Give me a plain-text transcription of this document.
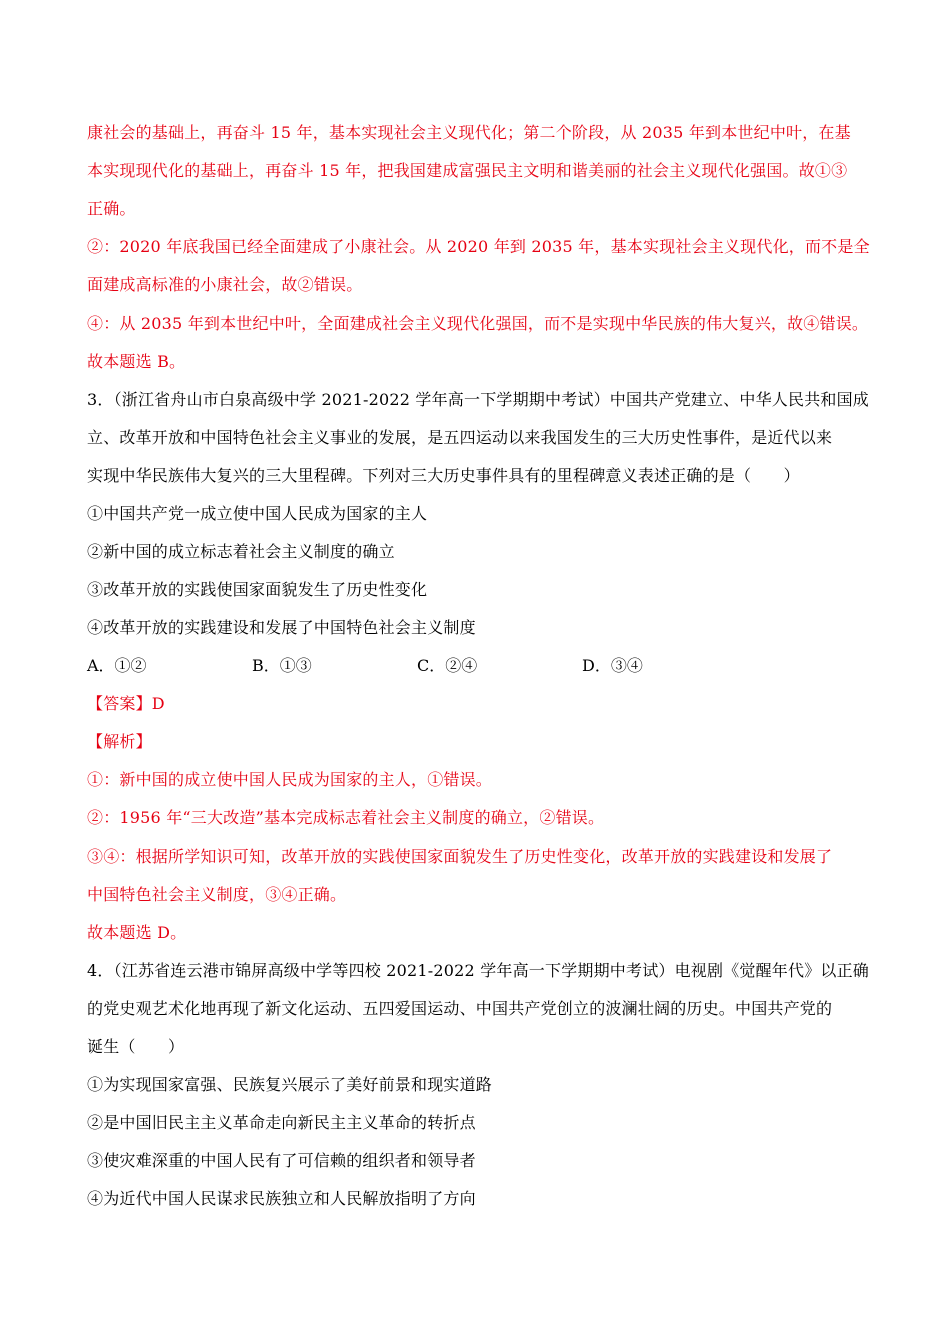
康社会的基础上，再奋斗 15 年，基本实现社会主义现代化；第二个阶段，从 2035 年到本世纪中叶，在基
本实现现代化的基础上，再奋斗 15 年，把我国建成富强民主文明和谐美丽的社会主义现代化强国。故①③
正确。
②：2020 年底我国已经全面建成了小康社会。从 2020 年到 2035 年，基本实现社会主义现代化，而不是全
面建成高标准的小康社会，故②错误。
④：从 2035 年到本世纪中叶，全面建成社会主义现代化强国，而不是实现中华民族的伟大复兴，故④错误。
故本题选 B。
3．（浙江省舟山市白泉高级中学 2021-2022 学年高一下学期期中考试）中国共产党建立、中华人民共和国成
立、改革开放和中国特色社会主义事业的发展，是五四运动以来我国发生的三大历史性事件，是近代以来
实现中华民族伟大复兴的三大里程碑。下列对三大历史事件具有的里程碑意义表述正确的是（　　）
①中国共产党一成立使中国人民成为国家的主人
②新中国的成立标志着社会主义制度的确立
③改革开放的实践使国家面貌发生了历史性变化
④改革开放的实践建设和发展了中国特色社会主义制度
A．①②	B．①③	C．②④	D．③④
【答案】D
【解析】
①：新中国的成立使中国人民成为国家的主人，①错误。
②：1956 年“三大改造”基本完成标志着社会主义制度的确立，②错误。
③④：根据所学知识可知，改革开放的实践使国家面貌发生了历史性变化，改革开放的实践建设和发展了
中国特色社会主义制度，③④正确。
故本题选 D。
4．（江苏省连云港市锦屏高级中学等四校 2021-2022 学年高一下学期期中考试）电视剧《觉醒年代》以正确
的党史观艺术化地再现了新文化运动、五四爱国运动、中国共产党创立的波澜壮阔的历史。中国共产党的
诞生（　　）
①为实现国家富强、民族复兴展示了美好前景和现实道路
②是中国旧民主主义革命走向新民主主义革命的转折点
③使灾难深重的中国人民有了可信赖的组织者和领导者
④为近代中国人民谋求民族独立和人民解放指明了方向
